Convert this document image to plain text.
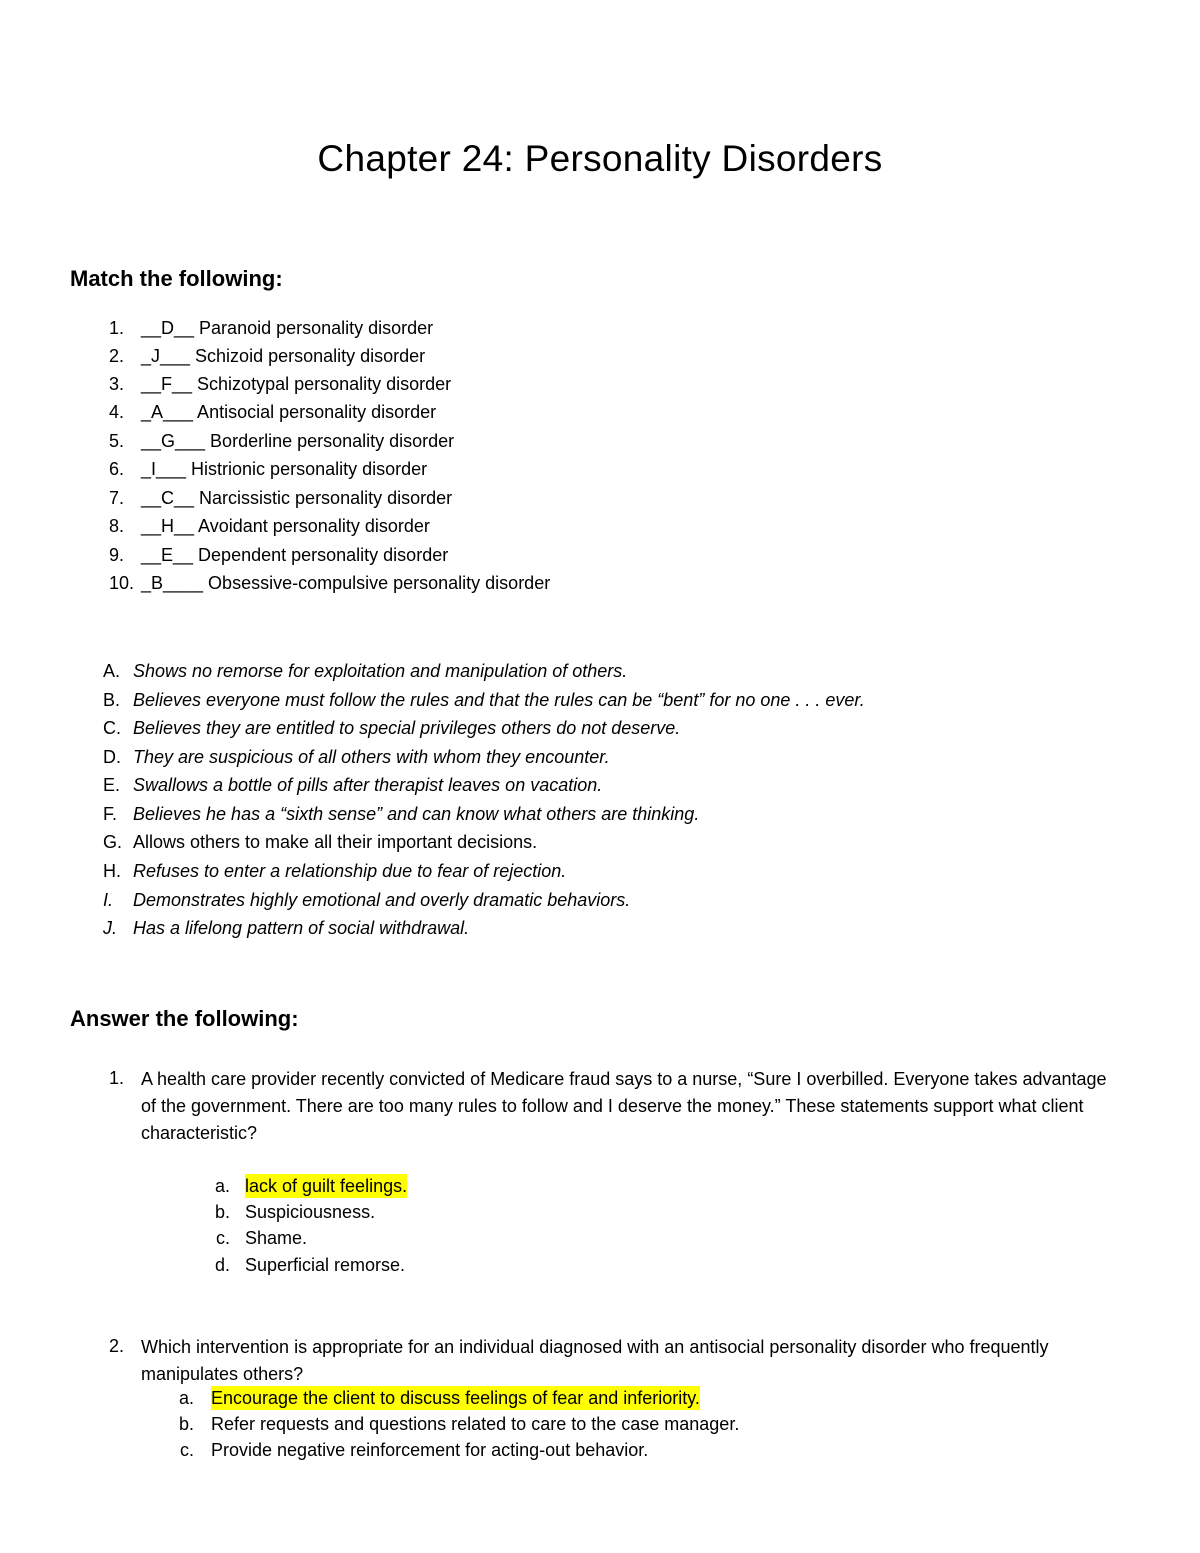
Chapter 24: Personality Disorders
Match the following:
1. __D__ Paranoid personality disorder
2. _J___ Schizoid personality disorder
3. __F__ Schizotypal personality disorder
4. _A___ Antisocial personality disorder
5. __G___ Borderline personality disorder
6. _I___ Histrionic personality disorder
7. __C__ Narcissistic personality disorder
8. __H__ Avoidant personality disorder
9. __E__ Dependent personality disorder
10. _B____ Obsessive-compulsive personality disorder
A. Shows no remorse for exploitation and manipulation of others.
B. Believes everyone must follow the rules and that the rules can be “bent” for no one . . . ever.
C. Believes they are entitled to special privileges others do not deserve.
D. They are suspicious of all others with whom they encounter.
E. Swallows a bottle of pills after therapist leaves on vacation.
F. Believes he has a “sixth sense” and can know what others are thinking.
G. Allows others to make all their important decisions.
H. Refuses to enter a relationship due to fear of rejection.
I. Demonstrates highly emotional and overly dramatic behaviors.
J. Has a lifelong pattern of social withdrawal.
Answer the following:
1. A health care provider recently convicted of Medicare fraud says to a nurse, “Sure I overbilled. Everyone takes advantage of the government. There are too many rules to follow and I deserve the money.” These statements support what client characteristic?
a. lack of guilt feelings.
b. Suspiciousness.
c. Shame.
d. Superficial remorse.
2. Which intervention is appropriate for an individual diagnosed with an antisocial personality disorder who frequently manipulates others?
a. Encourage the client to discuss feelings of fear and inferiority.
b. Refer requests and questions related to care to the case manager.
c. Provide negative reinforcement for acting-out behavior.
